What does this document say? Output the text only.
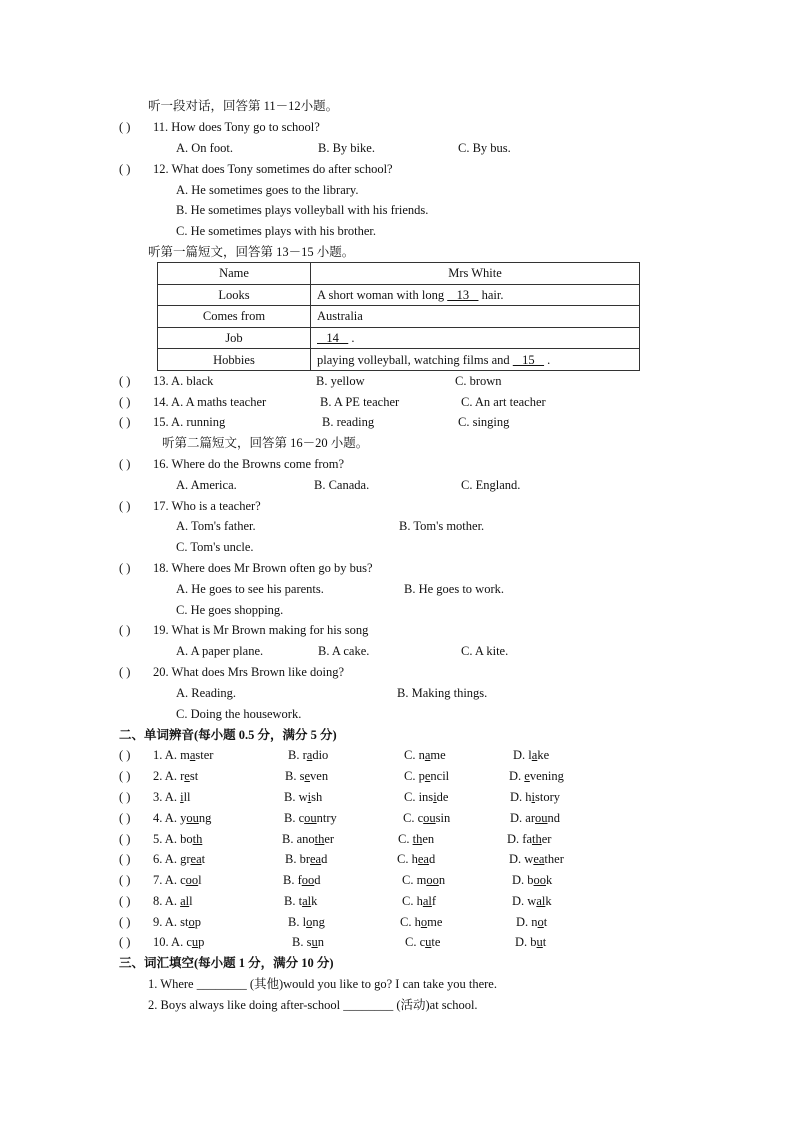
听一段对话，回答第 11－12小题。
( ) 11. How does Tony go to school?
A. On foot.	B. By bike.	C. By bus.
( ) 12. What does Tony sometimes do after school?
A. He sometimes goes to the library.
B. He sometimes plays volleyball with his friends.
C. He sometimes plays with his brother.
听第一篇短文，回答第 13－15 小题。
Name	Mrs White
Looks	A short woman with long    13    hair.
Comes from	Australia
Job	14    .
Hobbies	playing volleyball, watching films and    15    .
( ) 13. A. black	B. yellow	C. brown
( ) 14. A. A maths teacher	B. A PE teacher	C. An art teacher
( ) 15. A. running	B. reading	C. singing
听第二篇短文，回答第 16－20 小题。
( ) 16. Where do the Browns come from?
A. America.	B. Canada.	C. England.
( ) 17. Who is a teacher?
A. Tom's father.	B. Tom's mother.
C. Tom's uncle.
( ) 18. Where does Mr Brown often go by bus?
A. He goes to see his parents.	B. He goes to work.
C. He goes shopping.
( ) 19. What is Mr Brown making for his song
A. A paper plane.	B. A cake.	C. A kite.
( ) 20. What does Mrs Brown like doing?
A. Reading.	B. Making things.
C. Doing the housework.
二、单词辨音(每小题 0.5 分，满分 5 分)
( ) 1. A. master	B. radio	C. name	D. lake
( ) 2. A. rest	B. seven	C. pencil	D. evening
( ) 3. A. ill	B. wish	C. inside	D. history
( ) 4. A. young	B. country	C. cousin	D. around
( ) 5. A. both	B. another	C. then	D. father
( ) 6. A. great	B. bread	C. head	D. weather
( ) 7. A. cool	B. food	C. moon	D. book
( ) 8. A. all	B. talk	C. half	D. walk
( ) 9. A. stop	B. long	C. home	D. not
( ) 10. A. cup	B. sun	C. cute	D. but
三、词汇填空(每小题 1 分，满分 10 分)
1. Where ________ (其他)would you like to go? I can take you there.
2. Boys always like doing after-school ________ (活动)at school.
